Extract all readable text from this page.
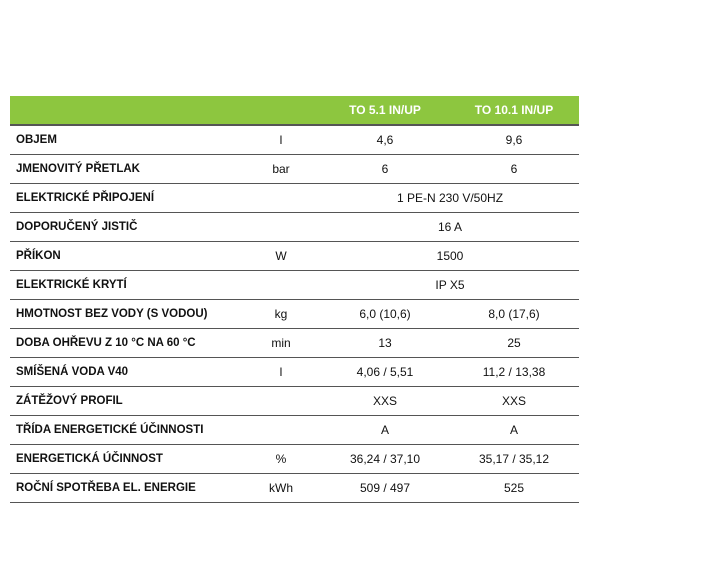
		TO 5.1 IN/UP	TO 10.1 IN/UP
OBJEM	l	4,6	9,6
JMENOVITÝ PŘETLAK	bar	6	6
ELEKTRICKÉ PŘIPOJENÍ		1 PE-N 230 V/50HZ	
DOPORUČENÝ JISTIČ		16 A	
PŘÍKON	W	1500	
ELEKTRICKÉ KRYTÍ		IP X5	
HMOTNOST BEZ VODY (S VODOU)	kg	6,0 (10,6)	8,0 (17,6)
DOBA OHŘEVU Z 10 °C NA 60 °C	min	13	25
SMÍŠENÁ VODA V40	l	4,06 / 5,51	11,2 / 13,38
ZÁTĚŽOVÝ PROFIL		XXS	XXS
TŘÍDA ENERGETICKÉ ÚČINNOSTI		A	A
ENERGETICKÁ ÚČINNOST	%	36,24 / 37,10	35,17 / 35,12
ROČNÍ SPOTŘEBA EL. ENERGIE	kWh	509 / 497	525
